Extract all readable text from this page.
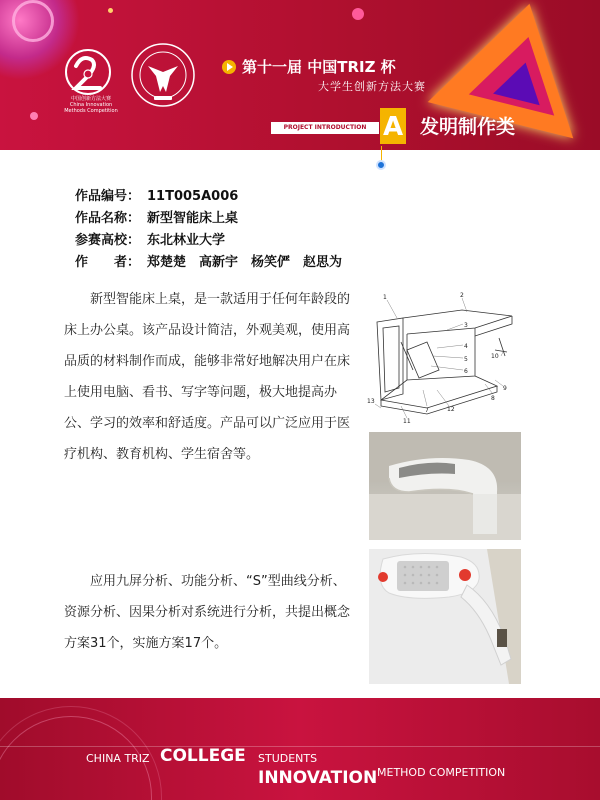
中国创新方法大赛
China Innovation
Methods Competition
第十一届 中国TRIZ 杯
大学生创新方法大赛
PROJECT INTRODUCTION A 发明制作类
作品编号： 11T005A006
作品名称： 新型智能床上桌
参赛高校： 东北林业大学
作　　者： 郑楚楚　高新宇　杨笑俨　赵思为
　　新型智能床上桌，是一款适用于任何年龄段的床上办公桌。该产品设计简洁，外观美观，使用高品质的材料制作而成，能够非常好地解决用户在床上使用电脑、看书、写字等问题，极大地提高办公、学习的效率和舒适度。产品可以广泛应用于医疗机构、教育机构、学生宿舍等。
　　应用九屏分析、功能分析、“S”型曲线分析、资源分析、因果分析对系统进行分析，共提出概念方案31个，实施方案17个。
1	2
3
4
5
6
7
8
9
10
11
12
13
CHINA TRIZ COLLEGE STUDENTS
INNOVATION METHOD COMPETITION
